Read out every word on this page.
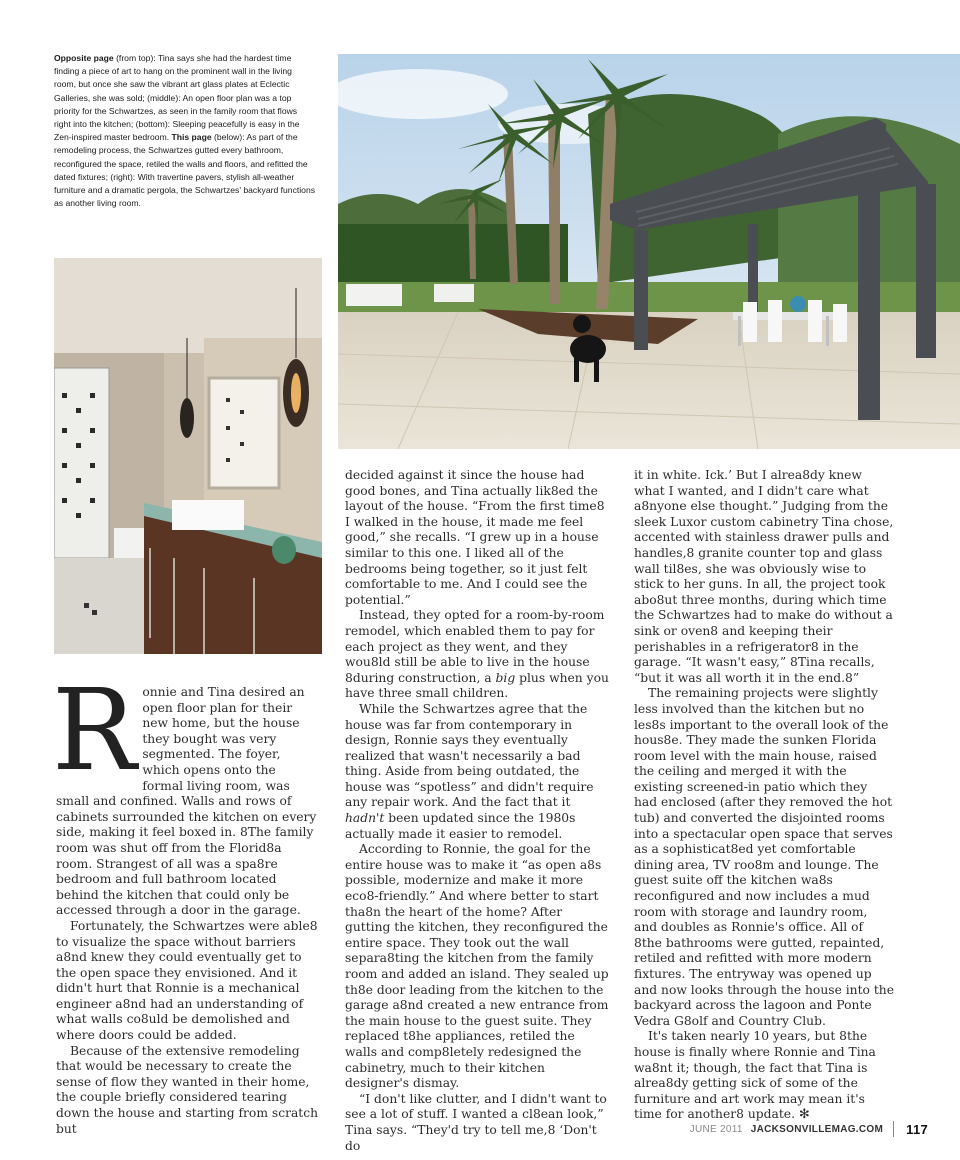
Opposite page (from top): Tina says she had the hardest time finding a piece of art to hang on the prominent wall in the living room, but once she saw the vibrant art glass plates at Eclectic Galleries, she was sold; (middle): An open floor plan was a top priority for the Schwartzes, as seen in the family room that flows right into the kitchen; (bottom): Sleeping peacefully is easy in the Zen-inspired master bedroom. This page (below): As part of the remodeling process, the Schwartzes gutted every bathroom, reconfigured the space, retiled the walls and floors, and refitted the dated fixtures; (right): With travertine pavers, stylish all-weather furniture and a dramatic pergola, the Schwartzes' backyard functions as another living room.

Ronnie and Tina desired an open floor plan for their new home, but the house they bought was very segmented. The foyer, which opens onto the formal living room, was small and confined. Walls and rows of cabinets surrounded the kitchen on every side, making it feel boxed in. 8The family room was shut off from the Florid8a room. Strangest of all was a spa8re bedroom and full bathroom located behind the kitchen that could only be accessed through a door in the garage.

Fortunately, the Schwartzes were able8 to visualize the space without barriers a8nd knew they could eventually get to the open space they envisioned. And it didn't hurt that Ronnie is a mechanical engineer a8nd had an understanding of what walls co8uld be demolished and where doors could be added.

Because of the extensive remodeling that would be necessary to create the sense of flow they wanted in their home, the couple briefly considered tearing down the house and starting from scratch but

decided against it since the house had good bones, and Tina actually lik8ed the layout of the house. “From the first time8 I walked in the house, it made me feel good,” she recalls. “I grew up in a house similar to this one. I liked all of the bedrooms being together, so it just felt comfortable to me. And I could see the potential.”

Instead, they opted for a room-by-room remodel, which enabled them to pay for each project as they went, and they wou8ld still be able to live in the house 8during construction, a big plus when you have three small children.

While the Schwartzes agree that the house was far from contemporary in design, Ronnie says they eventually realized that wasn't necessarily a bad thing. Aside from being outdated, the house was “spotless” and didn't require any repair work. And the fact that it hadn't been updated since the 1980s actually made it easier to remodel.

According to Ronnie, the goal for the entire house was to make it “as open a8s possible, modernize and make it more eco8-friendly.” And where better to start tha8n the heart of the home? After gutting the kitchen, they reconfigured the entire space. They took out the wall separa8ting the kitchen from the family room and added an island. They sealed up th8e door leading from the kitchen to the garage a8nd created a new entrance from the main house to the guest suite. They replaced t8he appliances, retiled the walls and comp8letely redesigned the cabinetry, much to their kitchen designer's dismay.

“I don't like clutter, and I didn't want to see a lot of stuff. I wanted a cl8ean look,” Tina says. “They'd try to tell me,8 ‘Don't do

it in white. Ick.’ But I alrea8dy knew what I wanted, and I didn't care what a8nyone else thought.” Judging from the sleek Luxor custom cabinetry Tina chose, accented with stainless drawer pulls and handles,8 granite counter top and glass wall til8es, she was obviously wise to stick to her guns. In all, the project took abo8ut three months, during which time the Schwartzes had to make do without a sink or oven8 and keeping their perishables in a refrigerator8 in the garage. “It wasn't easy,” 8Tina recalls, “but it was all worth it in the end.8”

The remaining projects were slightly less involved than the kitchen but no les8s important to the overall look of the hous8e. They made the sunken Florida room level with the main house, raised the ceiling and merged it with the existing screened-in patio which they had enclosed (after they removed the hot tub) and converted the disjointed rooms into a spectacular open space that serves as a sophisticat8ed yet comfortable dining area, TV roo8m and lounge. The guest suite off the kitchen wa8s reconfigured and now includes a mud room with storage and laundry room, and doubles as Ronnie's office. All of 8the bathrooms were gutted, repainted, retiled and refitted with more modern fixtures. The entryway was opened up and now looks through the house into the backyard across the lagoon and Ponte Vedra G8olf and Country Club.

It's taken nearly 10 years, but 8the house is finally where Ronnie and Tina wa8nt it; though, the fact that Tina is alrea8dy getting sick of some of the furniture and art work may mean it's time for another8 update. ✻

JUNE 2011 JACKSONVILLEMAG.COM 117
